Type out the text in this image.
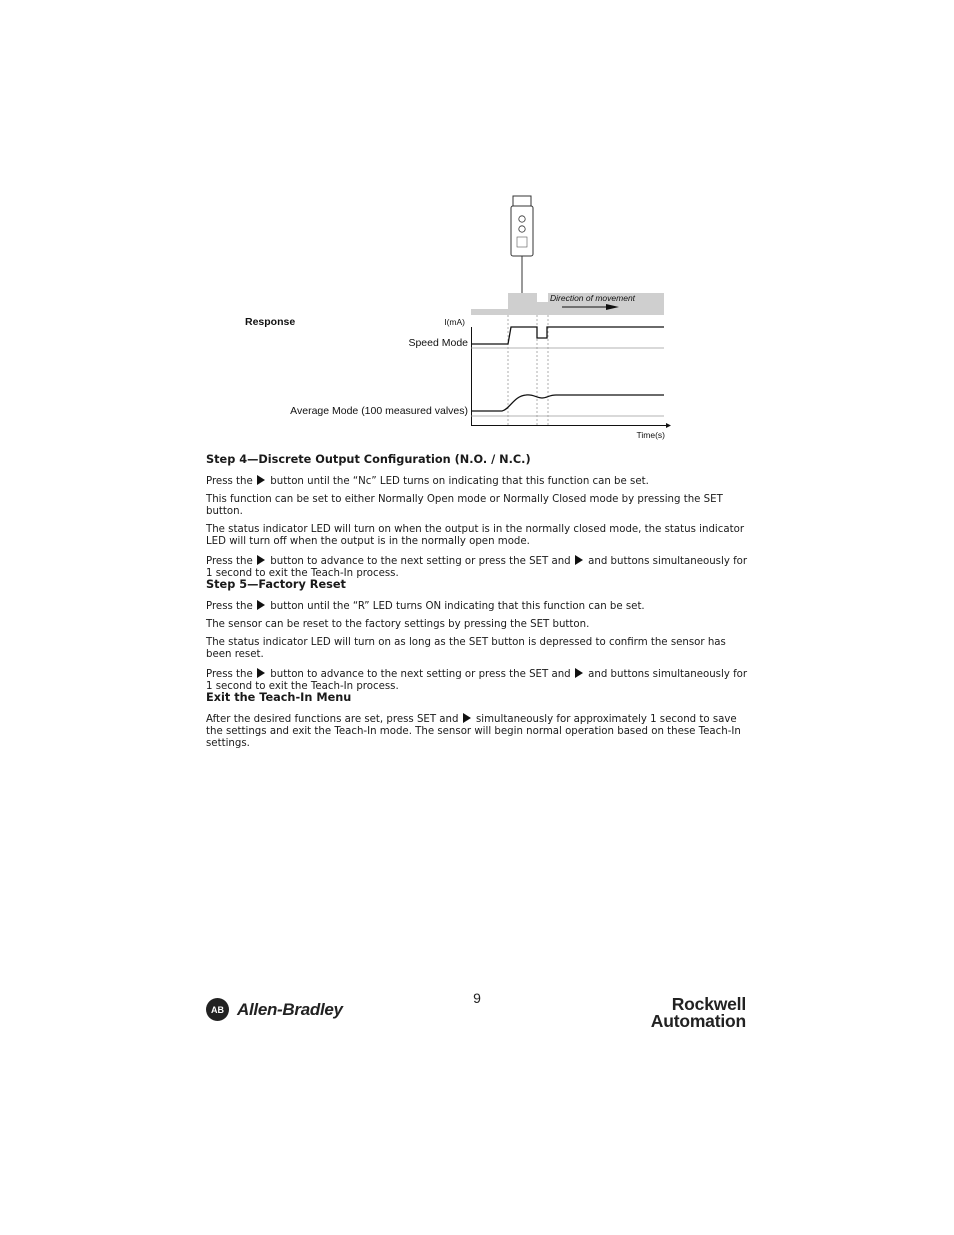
Direction of movement
Response	I(mA)
Speed Mode
Average Mode (100 measured valves)
Time(s)
Step 4—Discrete Output Configuration (N.O. / N.C.)

Press the button until the “Nc” LED turns on indicating that this function can be set.

This function can be set to either Normally Open mode or Normally Closed mode by pressing the SET button.

The status indicator LED will turn on when the output is in the normally closed mode, the status indicator LED will turn off when the output is in the normally open mode.

Press the button to advance to the next setting or press the SET and and buttons simultaneously for 1 second to exit the Teach-In process.

Step 5—Factory Reset

Press the button until the “R” LED turns ON indicating that this function can be set.

The sensor can be reset to the factory settings by pressing the SET button.

The status indicator LED will turn on as long as the SET button is depressed to confirm the sensor has been reset.

Press the button to advance to the next setting or press the SET and and buttons simultaneously for 1 second to exit the Teach-In process.

Exit the Teach-In Menu

After the desired functions are set, press SET and simultaneously for approximately 1 second to save the settings and exit the Teach-In mode. The sensor will begin normal operation based on these Teach-In settings.

9
AB Allen-Bradley	Rockwell
Automation
